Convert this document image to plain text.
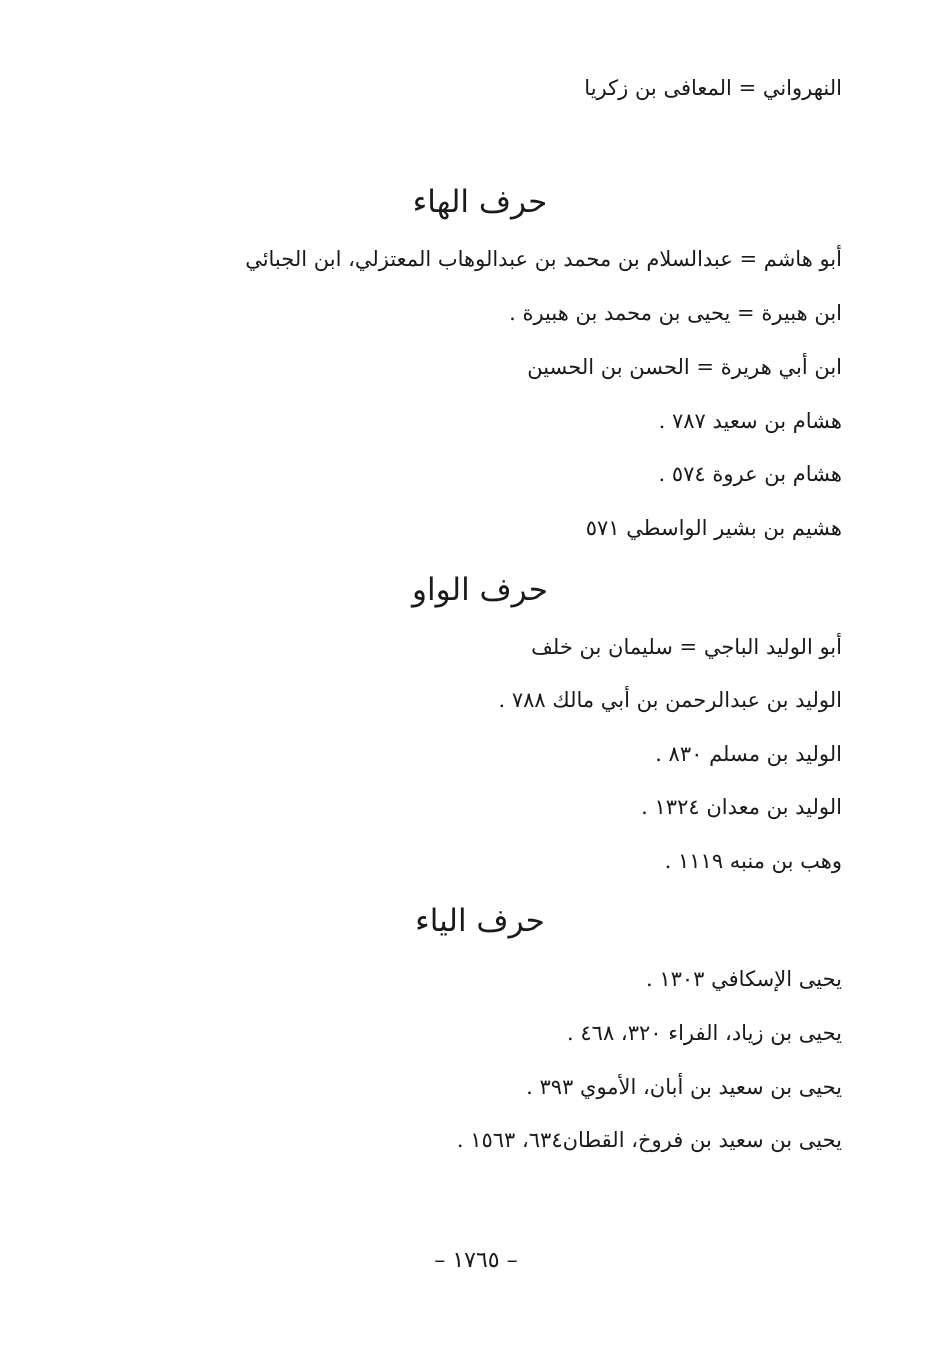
النهرواني = المعافى بن زكريا
حرف الهاء
أبو هاشم = عبدالسلام بن محمد بن عبدالوهاب المعتزلي، ابن الجبائي
ابن هبيرة = يحيى بن محمد بن هبيرة .
ابن أبي هريرة = الحسن بن الحسين
هشام بن سعيد ٧٨٧ .
هشام بن عروة ٥٧٤ .
هشيم بن بشير الواسطي ٥٧١
حرف الواو
أبو الوليد الباجي = سليمان بن خلف
الوليد بن عبدالرحمن بن أبي مالك ٧٨٨ .
الوليد بن مسلم ٨٣٠ .
الوليد بن معدان ١٣٢٤ .
وهب بن منبه ١١١٩ .
حرف الياء
يحيى الإسكافي ١٣٠٣ .
يحيى بن زياد، الفراء ٣٢٠، ٤٦٨ .
يحيى بن سعيد بن أبان، الأموي ٣٩٣ .
يحيى بن سعيد بن فروخ، القطان٦٣٤، ١٥٦٣ .
– ١٧٦٥ –
